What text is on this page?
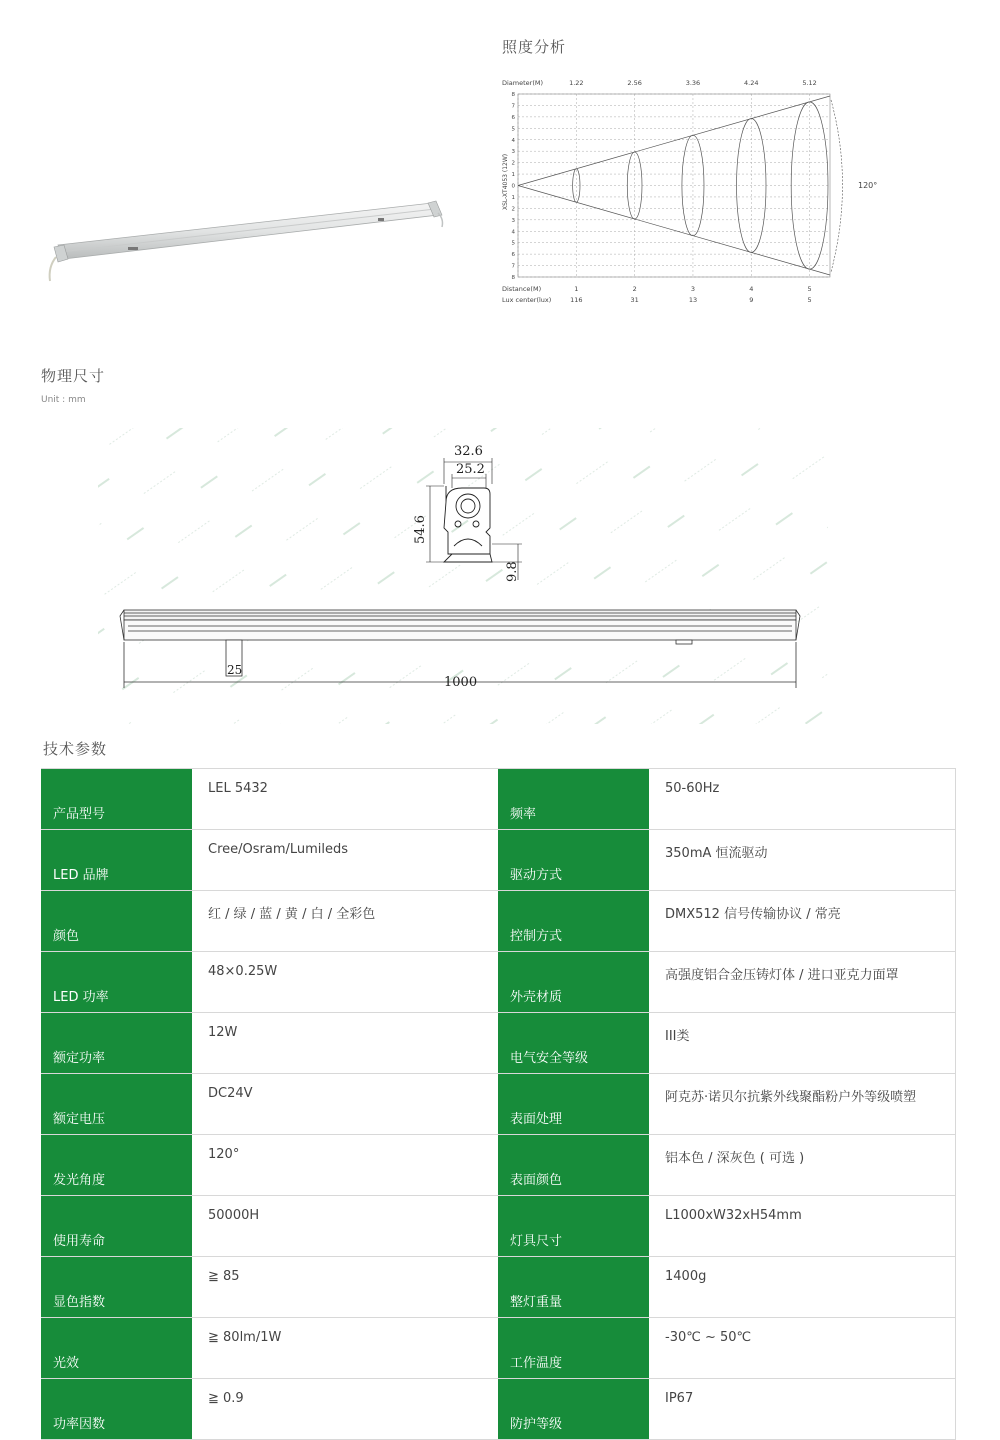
照度分析
8
7
6
5
4
3
2
1
0
1
2
3
4
5
6
7
8
1.22	2.56	3.36	4.24	5.12
1	2	3	4	5
116	31	13	9	5
Diameter(M)
Distance(M)
Lux center(lux)
XSL-XT4053 (12W)	120°
物理尺寸
Unit : mm
32.6
25.2
54.6
9.8
25
1000
技术参数
产品型号	LEL 5432	频率	50-60Hz
LED 品牌	Cree/Osram/Lumileds	驱动方式	350mA 恒流驱动
颜色	红 / 绿 / 蓝 / 黄 / 白 / 全彩色	控制方式	DMX512 信号传输协议 / 常亮
LED 功率	48×0.25W	外壳材质	高强度铝合金压铸灯体 / 进口亚克力面罩
额定功率	12W	电气安全等级	III类
额定电压	DC24V	表面处理	阿克苏·诺贝尔抗紫外线聚酯粉户外等级喷塑
发光角度	120°	表面颜色	铝本色 / 深灰色 ( 可选 )
使用寿命	50000H	灯具尺寸	L1000xW32xH54mm
显色指数	≧ 85	整灯重量	1400g
光效	≧ 80lm/1W	工作温度	-30℃ ~ 50℃
功率因数	≧ 0.9	防护等级	IP67
